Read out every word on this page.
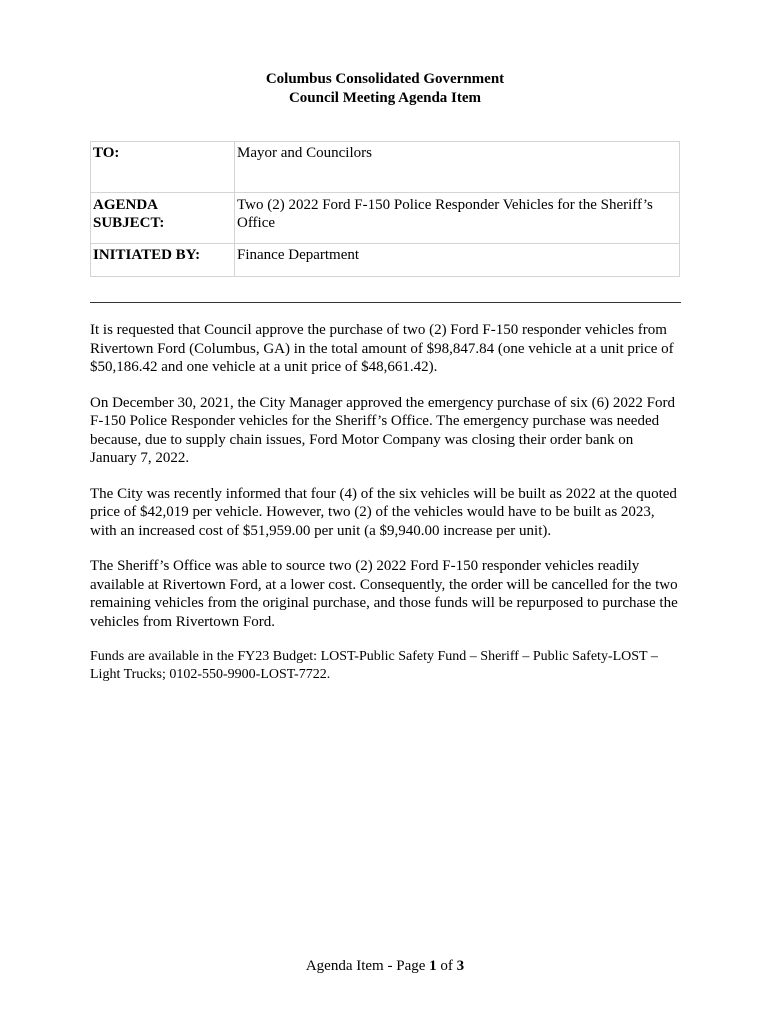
Columbus Consolidated Government
Council Meeting Agenda Item
TO:	Mayor and Councilors

AGENDA
SUBJECT:	Two (2) 2022 Ford F-150 Police Responder Vehicles for the Sheriff’s Office
INITIATED BY:	Finance Department

It is requested that Council approve the purchase of two (2) Ford F-150 responder vehicles from Rivertown Ford (Columbus, GA) in the total amount of $98,847.84 (one vehicle at a unit price of $50,186.42 and one vehicle at a unit price of $48,661.42).

On December 30, 2021, the City Manager approved the emergency purchase of six (6) 2022 Ford F-150 Police Responder vehicles for the Sheriff’s Office. The emergency purchase was needed because, due to supply chain issues, Ford Motor Company was closing their order bank on January 7, 2022.

The City was recently informed that four (4) of the six vehicles will be built as 2022 at the quoted price of $42,019 per vehicle. However, two (2) of the vehicles would have to be built as 2023, with an increased cost of $51,959.00 per unit (a $9,940.00 increase per unit).

The Sheriff’s Office was able to source two (2) 2022 Ford F-150 responder vehicles readily available at Rivertown Ford, at a lower cost. Consequently, the order will be cancelled for the two remaining vehicles from the original purchase, and those funds will be repurposed to purchase the vehicles from Rivertown Ford.

Funds are available in the FY23 Budget: LOST-Public Safety Fund – Sheriff – Public Safety-LOST – Light Trucks; 0102-550-9900-LOST-7722.

Agenda Item - Page 1 of 3
